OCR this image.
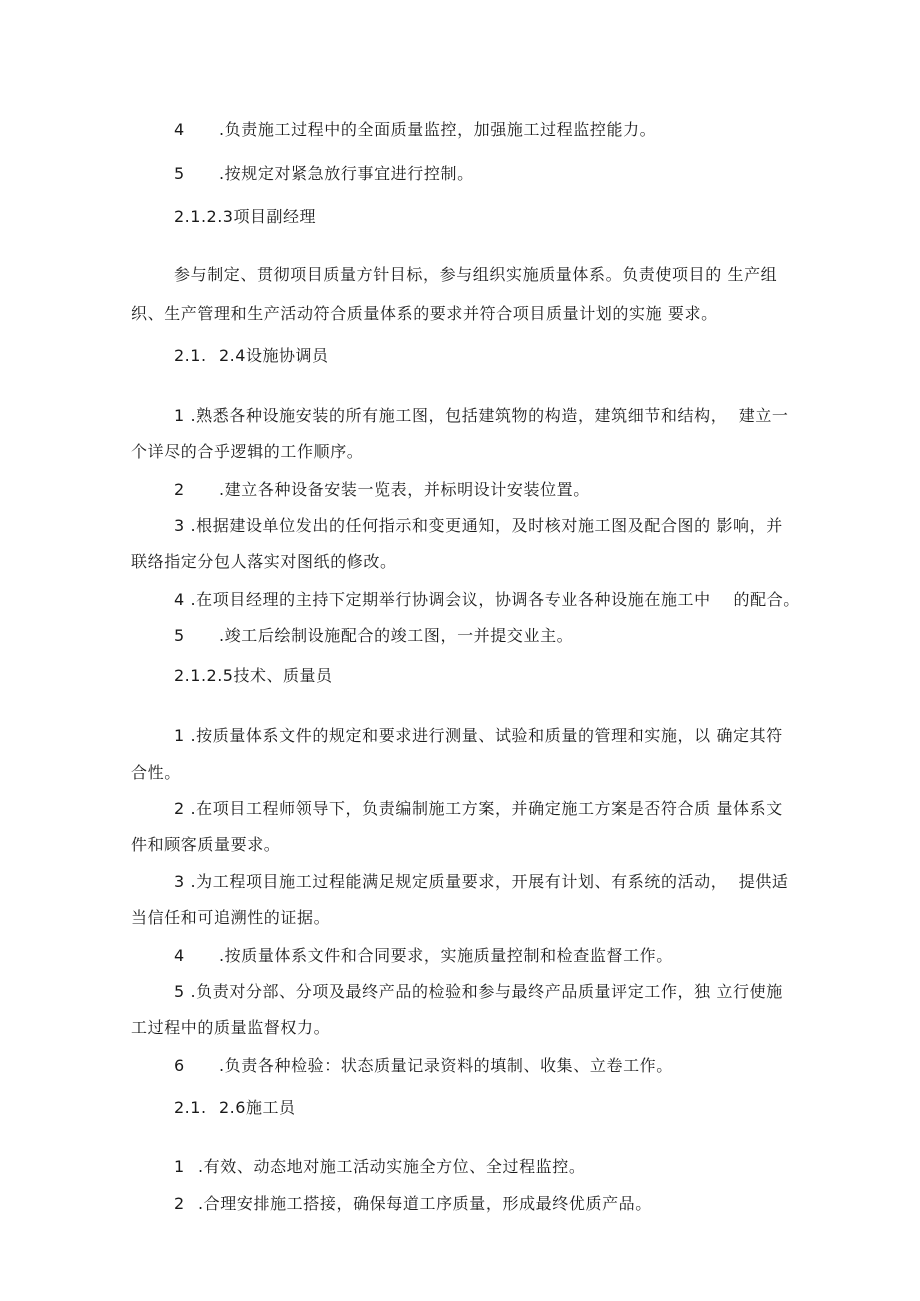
4	.负责施工过程中的全面质量监控，加强施工过程监控能力。
5	.按规定对紧急放行事宜进行控制。
2.1.2.3项目副经理
参与制定、贯彻项目质量方针目标，参与组织实施质量体系。负责使项目的 生产组
织、生产管理和生产活动符合质量体系的要求并符合项目质量计划的实施 要求。
2.1. 2.4设施协调员
1 .熟悉各种设施安装的所有施工图，包括建筑物的构造，建筑细节和结构，  建立一
个详尽的合乎逻辑的工作顺序。
2	.建立各种设备安装一览表，并标明设计安装位置。
3 .根据建设单位发出的任何指示和变更通知，及时核对施工图及配合图的 影响，并
联络指定分包人落实对图纸的修改。
4 .在项目经理的主持下定期举行协调会议，协调各专业各种设施在施工中    的配合。
5	.竣工后绘制设施配合的竣工图，一并提交业主。
2.1.2.5技术、质量员
1 .按质量体系文件的规定和要求进行测量、试验和质量的管理和实施，以 确定其符
合性。
2 .在项目工程师领导下，负责编制施工方案，并确定施工方案是否符合质 量体系文
件和顾客质量要求。
3 .为工程项目施工过程能满足规定质量要求，开展有计划、有系统的活动，  提供适
当信任和可追溯性的证据。
4	.按质量体系文件和合同要求，实施质量控制和检查监督工作。
5 .负责对分部、分项及最终产品的检验和参与最终产品质量评定工作，独 立行使施
工过程中的质量监督权力。
6	.负责各种检验：状态质量记录资料的填制、收集、立卷工作。
2.1. 2.6施工员
1 .有效、动态地对施工活动实施全方位、全过程监控。
2 .合理安排施工搭接，确保每道工序质量，形成最终优质产品。
